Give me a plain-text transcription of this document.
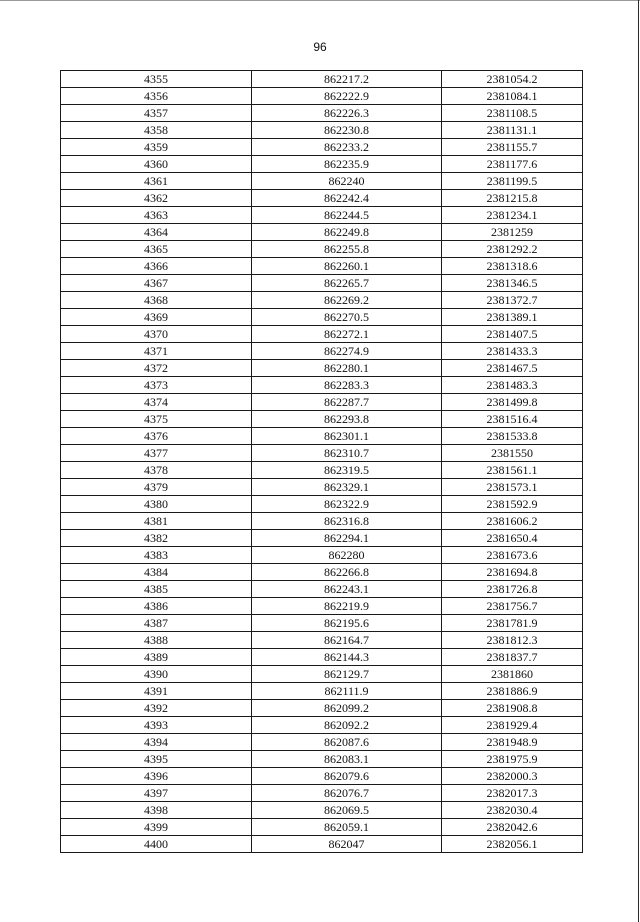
96
4355	862217.2	2381054.2
4356	862222.9	2381084.1
4357	862226.3	2381108.5
4358	862230.8	2381131.1
4359	862233.2	2381155.7
4360	862235.9	2381177.6
4361	862240	2381199.5
4362	862242.4	2381215.8
4363	862244.5	2381234.1
4364	862249.8	2381259
4365	862255.8	2381292.2
4366	862260.1	2381318.6
4367	862265.7	2381346.5
4368	862269.2	2381372.7
4369	862270.5	2381389.1
4370	862272.1	2381407.5
4371	862274.9	2381433.3
4372	862280.1	2381467.5
4373	862283.3	2381483.3
4374	862287.7	2381499.8
4375	862293.8	2381516.4
4376	862301.1	2381533.8
4377	862310.7	2381550
4378	862319.5	2381561.1
4379	862329.1	2381573.1
4380	862322.9	2381592.9
4381	862316.8	2381606.2
4382	862294.1	2381650.4
4383	862280	2381673.6
4384	862266.8	2381694.8
4385	862243.1	2381726.8
4386	862219.9	2381756.7
4387	862195.6	2381781.9
4388	862164.7	2381812.3
4389	862144.3	2381837.7
4390	862129.7	2381860
4391	862111.9	2381886.9
4392	862099.2	2381908.8
4393	862092.2	2381929.4
4394	862087.6	2381948.9
4395	862083.1	2381975.9
4396	862079.6	2382000.3
4397	862076.7	2382017.3
4398	862069.5	2382030.4
4399	862059.1	2382042.6
4400	862047	2382056.1
